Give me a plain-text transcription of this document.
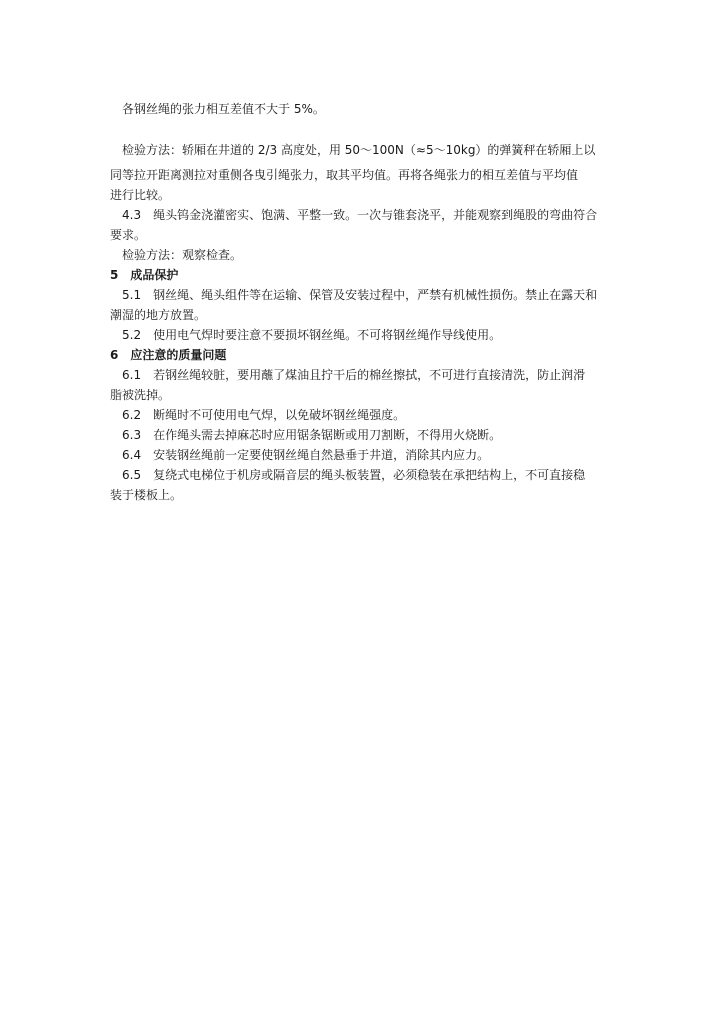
各钢丝绳的张力相互差值不大于 5%。
检验方法：轿厢在井道的 2/3 高度处，用 50～100N（≈5～10kg）的弹簧秤在轿厢上以
同等拉开距离测拉对重侧各曳引绳张力，取其平均值。再将各绳张力的相互差值与平均值
进行比较。
4.3　绳头钨金浇灌密实、饱满、平整一致。一次与锥套浇平，并能观察到绳股的弯曲符合
要求。
检验方法：观察检查。
5　成品保护
5.1　钢丝绳、绳头组件等在运输、保管及安装过程中，严禁有机械性损伤。禁止在露天和
潮湿的地方放置。
5.2　使用电气焊时要注意不要损坏钢丝绳。不可将钢丝绳作导线使用。
6　应注意的质量问题
6.1　若钢丝绳较脏，要用蘸了煤油且拧干后的棉丝擦拭，不可进行直接清洗，防止润滑
脂被洗掉。
6.2　断绳时不可使用电气焊，以免破坏钢丝绳强度。
6.3　在作绳头需去掉麻芯时应用锯条锯断或用刀割断，不得用火烧断。
6.4　安装钢丝绳前一定要使钢丝绳自然悬垂于井道，消除其内应力。
6.5　复绕式电梯位于机房或隔音层的绳头板装置，必须稳装在承把结构上，不可直接稳
装于楼板上。
